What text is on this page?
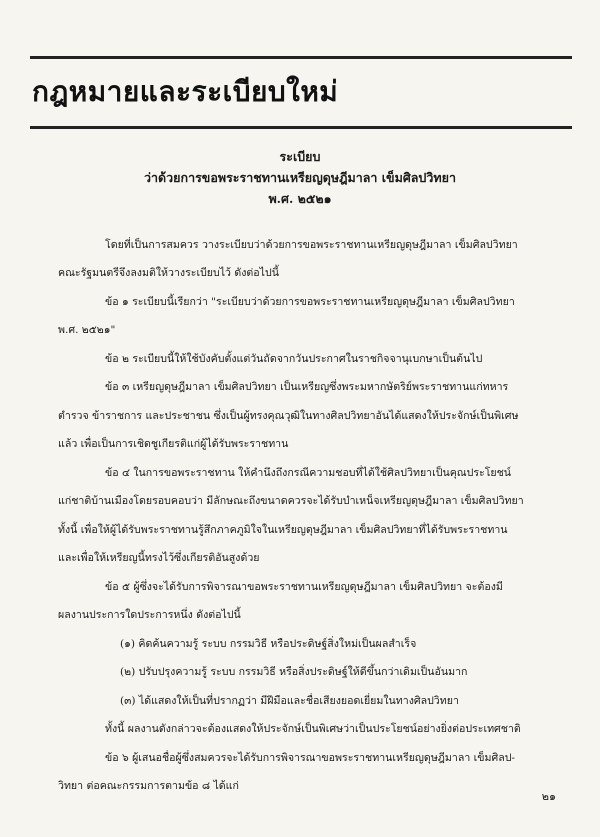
กฎหมายและระเบียบใหม่
ระเบียบ
ว่าด้วยการขอพระราชทานเหรียญดุษฎีมาลา เข็มศิลปวิทยา
พ.ศ. ๒๕๒๑
โดยที่เป็นการสมควร วางระเบียบว่าด้วยการขอพระราชทานเหรียญดุษฎีมาลา เข็มศิลปวิทยา
คณะรัฐมนตรีจึงลงมติให้วางระเบียบไว้ ดังต่อไปนี้
ข้อ ๑ ระเบียบนี้เรียกว่า "ระเบียบว่าด้วยการขอพระราชทานเหรียญดุษฎีมาลา เข็มศิลปวิทยา
พ.ศ. ๒๕๒๑"
ข้อ ๒ ระเบียบนี้ให้ใช้บังคับตั้งแต่วันถัดจากวันประกาศในราชกิจจานุเบกษาเป็นต้นไป
ข้อ ๓ เหรียญดุษฎีมาลา เข็มศิลปวิทยา เป็นเหรียญซึ่งพระมหากษัตริย์พระราชทานแก่ทหาร
ตำรวจ ข้าราชการ และประชาชน ซึ่งเป็นผู้ทรงคุณวุฒิในทางศิลปวิทยาอันได้แสดงให้ประจักษ์เป็นพิเศษ
แล้ว เพื่อเป็นการเชิดชูเกียรติแก่ผู้ได้รับพระราชทาน
ข้อ ๔ ในการขอพระราชทาน ให้คำนึงถึงกรณีความชอบที่ได้ใช้ศิลปวิทยาเป็นคุณประโยชน์
แก่ชาติบ้านเมืองโดยรอบคอบว่า มีลักษณะถึงขนาดควรจะได้รับบำเหน็จเหรียญดุษฎีมาลา เข็มศิลปวิทยา
ทั้งนี้ เพื่อให้ผู้ได้รับพระราชทานรู้สึกภาคภูมิใจในเหรียญดุษฎีมาลา เข็มศิลปวิทยาที่ได้รับพระราชทาน
และเพื่อให้เหรียญนี้ทรงไว้ซึ่งเกียรติอันสูงด้วย
ข้อ ๕ ผู้ซึ่งจะได้รับการพิจารณาขอพระราชทานเหรียญดุษฎีมาลา เข็มศิลปวิทยา จะต้องมี
ผลงานประการใดประการหนึ่ง ดังต่อไปนี้
(๑) คิดค้นความรู้ ระบบ กรรมวิธี หรือประดิษฐ์สิ่งใหม่เป็นผลสำเร็จ
(๒) ปรับปรุงความรู้ ระบบ กรรมวิธี หรือสิ่งประดิษฐ์ให้ดีขึ้นกว่าเดิมเป็นอันมาก
(๓) ได้แสดงให้เป็นที่ปรากฏว่า มีฝีมือและชื่อเสียงยอดเยี่ยมในทางศิลปวิทยา
ทั้งนี้ ผลงานดังกล่าวจะต้องแสดงให้ประจักษ์เป็นพิเศษว่าเป็นประโยชน์อย่างยิ่งต่อประเทศชาติ
ข้อ ๖ ผู้เสนอชื่อผู้ซึ่งสมควรจะได้รับการพิจารณาขอพระราชทานเหรียญดุษฎีมาลา เข็มศิลป-
วิทยา ต่อคณะกรรมการตามข้อ ๘ ได้แก่
๒๑
